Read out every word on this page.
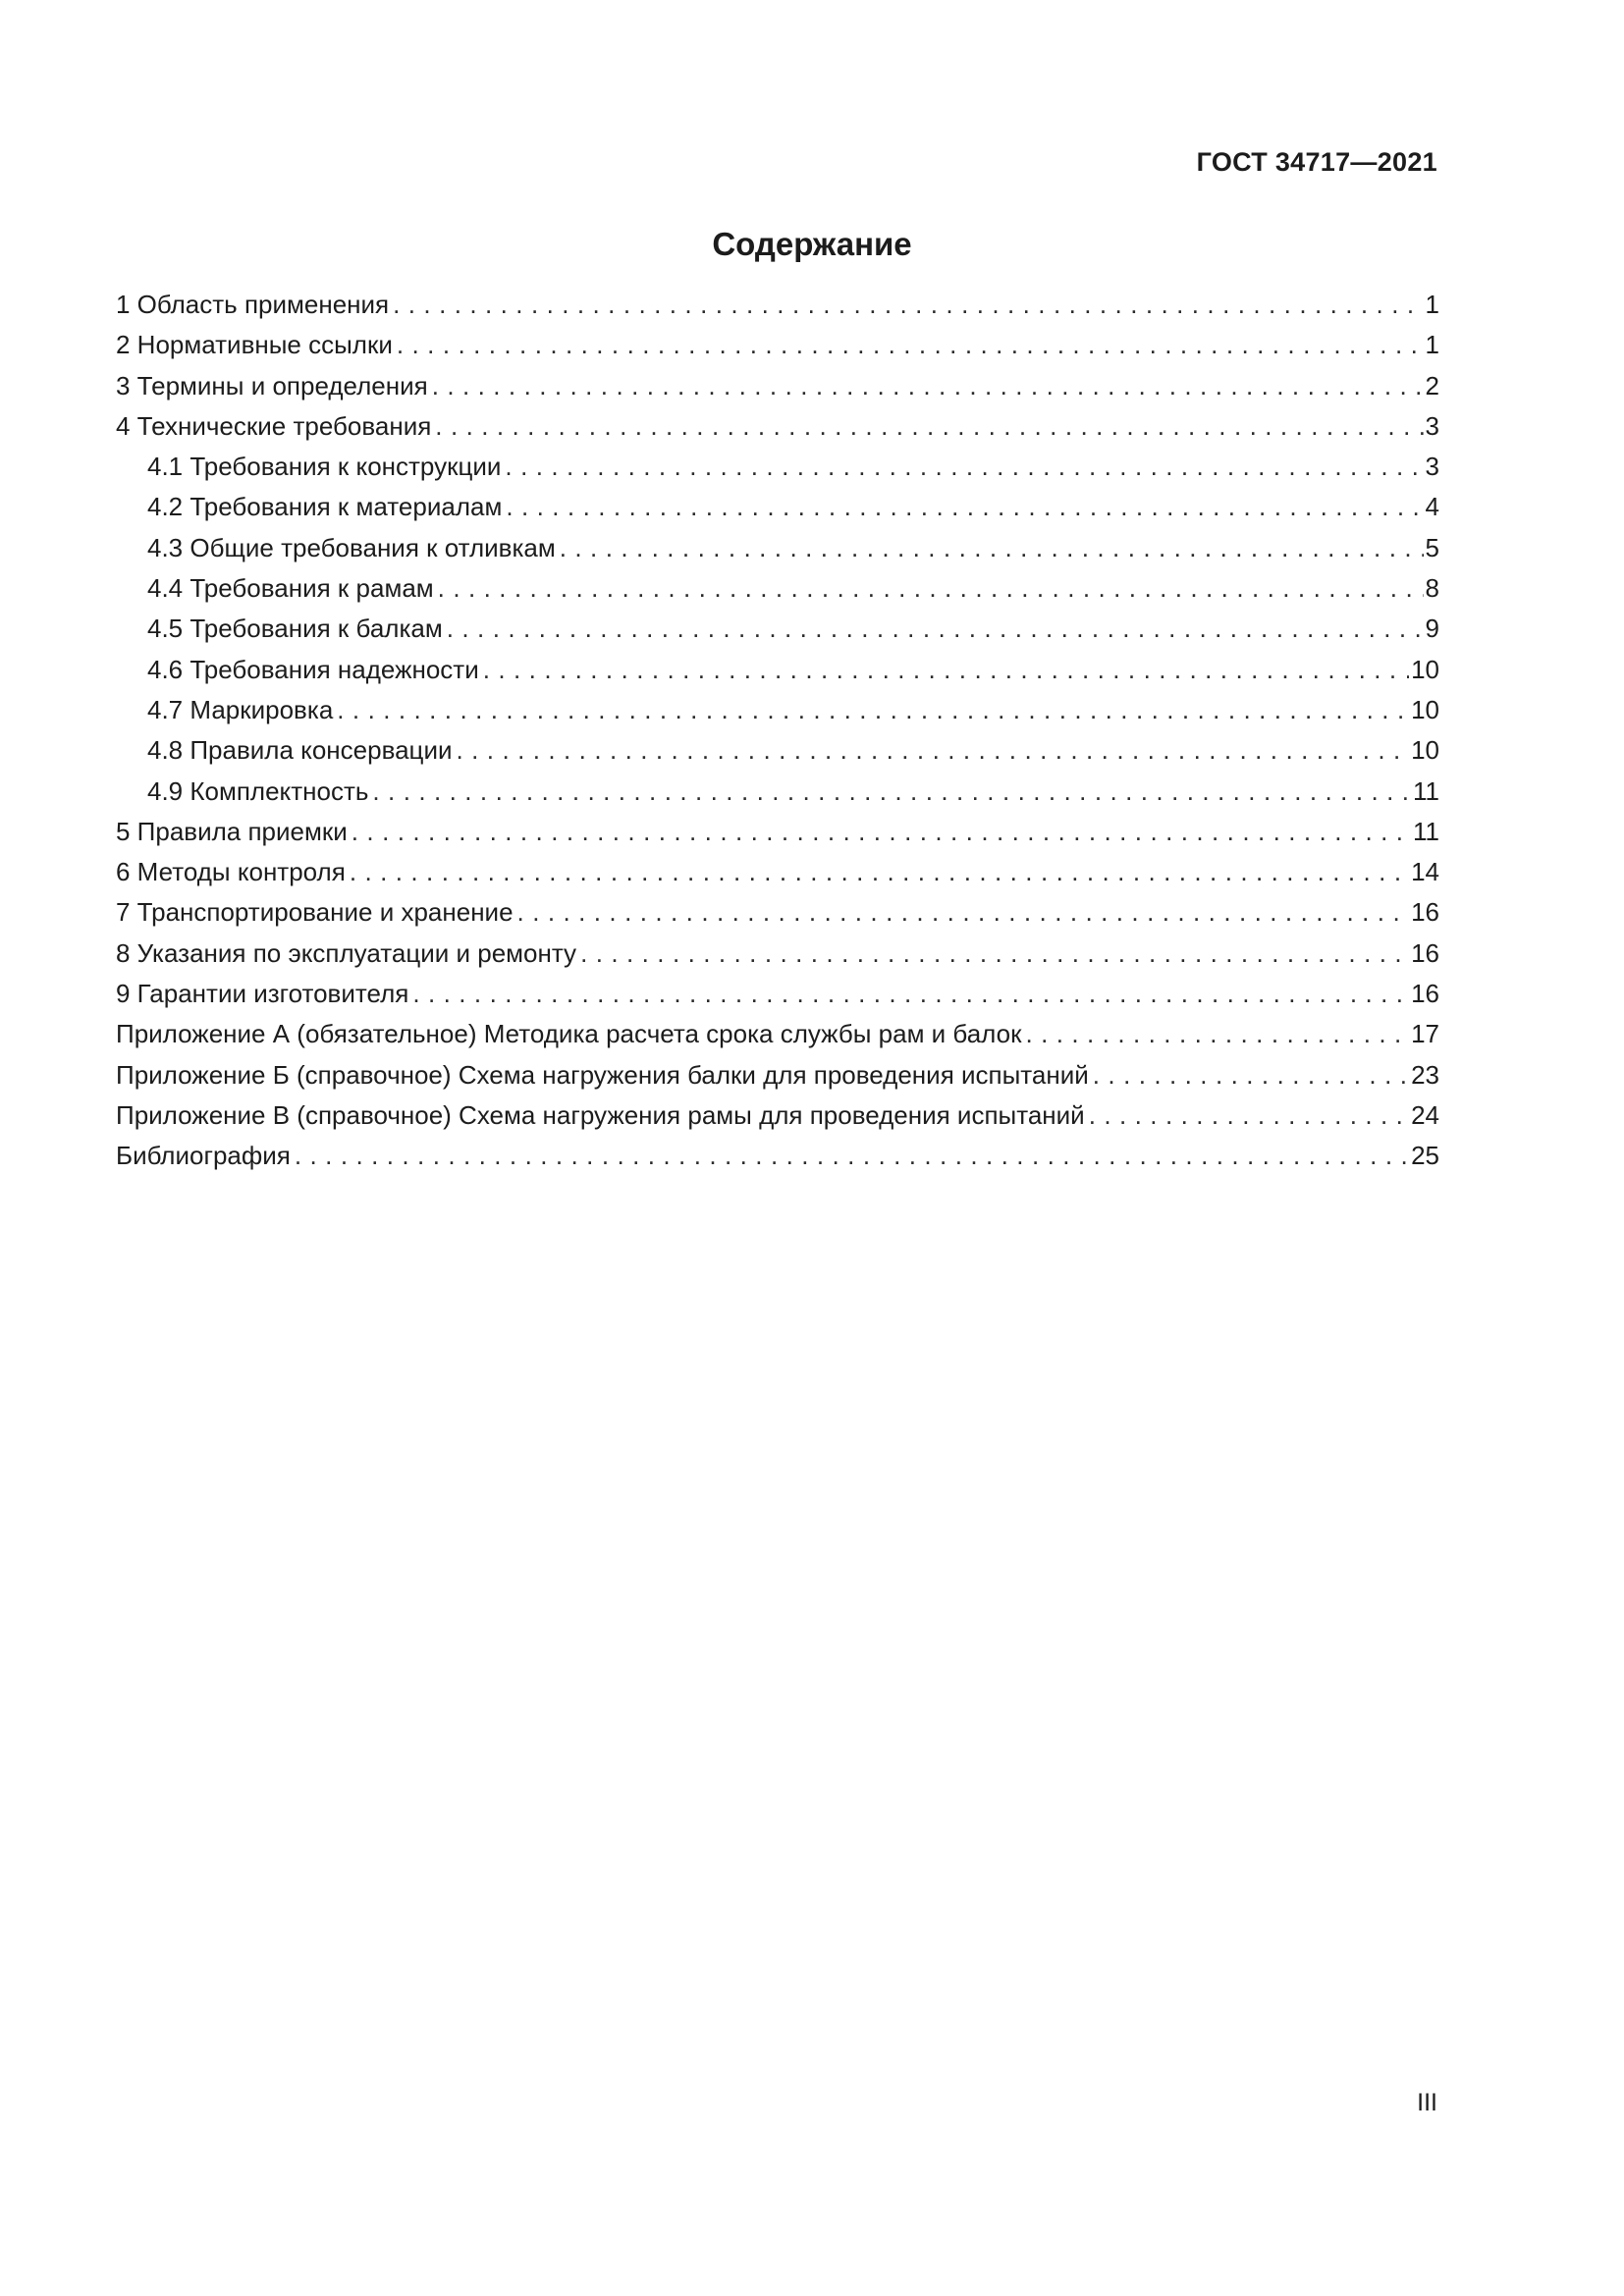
ГОСТ 34717—2021
Содержание
1 Область применения . . .	1
2 Нормативные ссылки . . .	1
3 Термины и определения . . .	2
4 Технические требования . . .	3
4.1 Требования к конструкции . . .	3
4.2 Требования к материалам . . .	4
4.3 Общие требования к отливкам . . .	5
4.4 Требования к рамам . . .	8
4.5 Требования к балкам . . .	9
4.6 Требования надежности . . .	10
4.7 Маркировка . . .	10
4.8 Правила консервации . . .	10
4.9 Комплектность . . .	11
5 Правила приемки . . .	11
6 Методы контроля . . .	14
7 Транспортирование и хранение . . .	16
8 Указания по эксплуатации и ремонту . . .	16
9 Гарантии изготовителя . . .	16
Приложение А (обязательное) Методика расчета срока службы рам и балок . . .	17
Приложение Б (справочное) Схема нагружения балки для проведения испытаний . . .	23
Приложение В (справочное) Схема нагружения рамы для проведения испытаний . . .	24
Библиография . . .	25
III
